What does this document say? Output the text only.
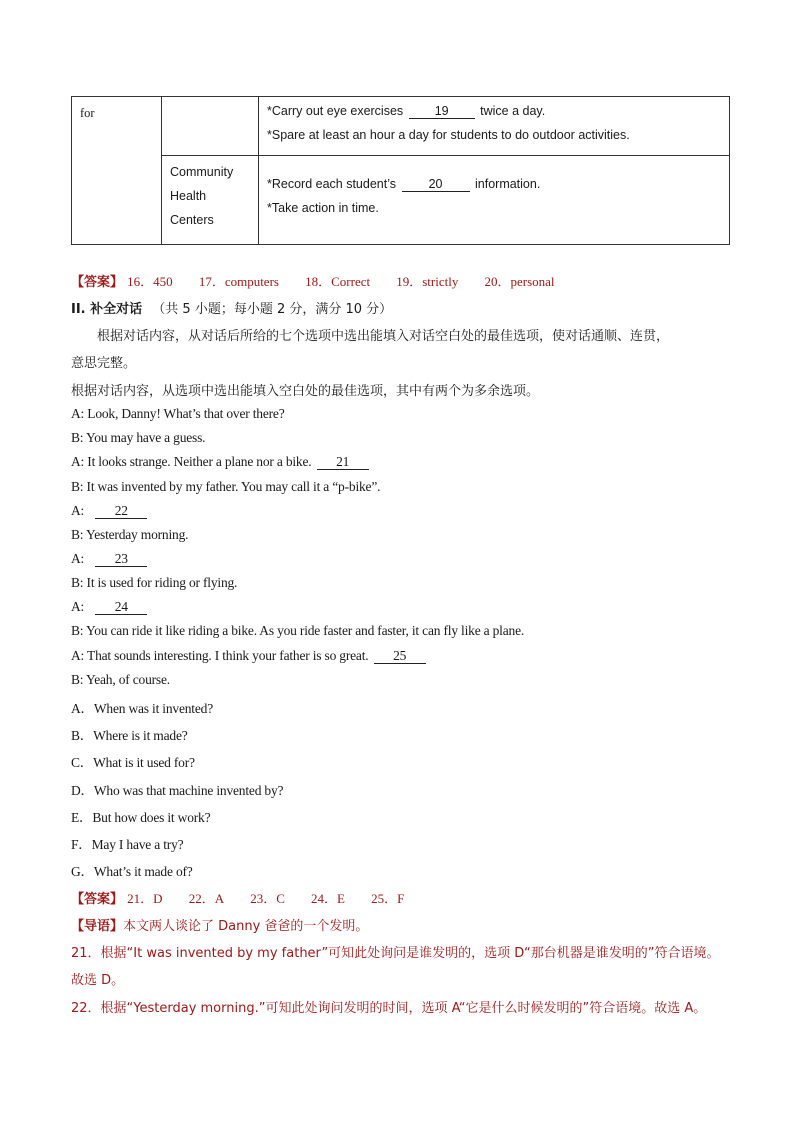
for		*Carry out eye exercises 19 twice a day.
*Spare at least an hour a day for students to do outdoor activities.

	Community
Health
Centers	*Record each student’s 20 information.
*Take action in time.
【答案】 16．450 17．computers 18．Correct 19．strictly 20．personal
II. 补全对话 （共 5 小题；每小题 2 分，满分 10 分）
根据对话内容，从对话后所给的七个选项中选出能填入对话空白处的最佳选项，使对话通顺、连贯，
意思完整。
根据对话内容，从选项中选出能填入空白处的最佳选项，其中有两个为多余选项。
A: Look, Danny! What’s that over there?
B: You may have a guess.
A: It looks strange. Neither a plane nor a bike. 21
B: It was invented by my father. You may call it a “p-bike”.
A: 22
B: Yesterday morning.
A: 23
B: It is used for riding or flying.
A: 24
B: You can ride it like riding a bike. As you ride faster and faster, it can fly like a plane.
A: That sounds interesting. I think your father is so great. 25
B: Yeah, of course.
A．When was it invented?
B．Where is it made?
C．What is it used for?
D．Who was that machine invented by?
E．But how does it work?
F．May I have a try?
G．What’s it made of?
【答案】 21．D 22．A 23．C 24．E 25．F
【导语】本文两人谈论了 Danny 爸爸的一个发明。
21．根据“It was invented by my father”可知此处询问是谁发明的，选项 D“那台机器是谁发明的”符合语境。
故选 D。
22．根据“Yesterday morning.”可知此处询问发明的时间，选项 A“它是什么时候发明的”符合语境。故选 A。
